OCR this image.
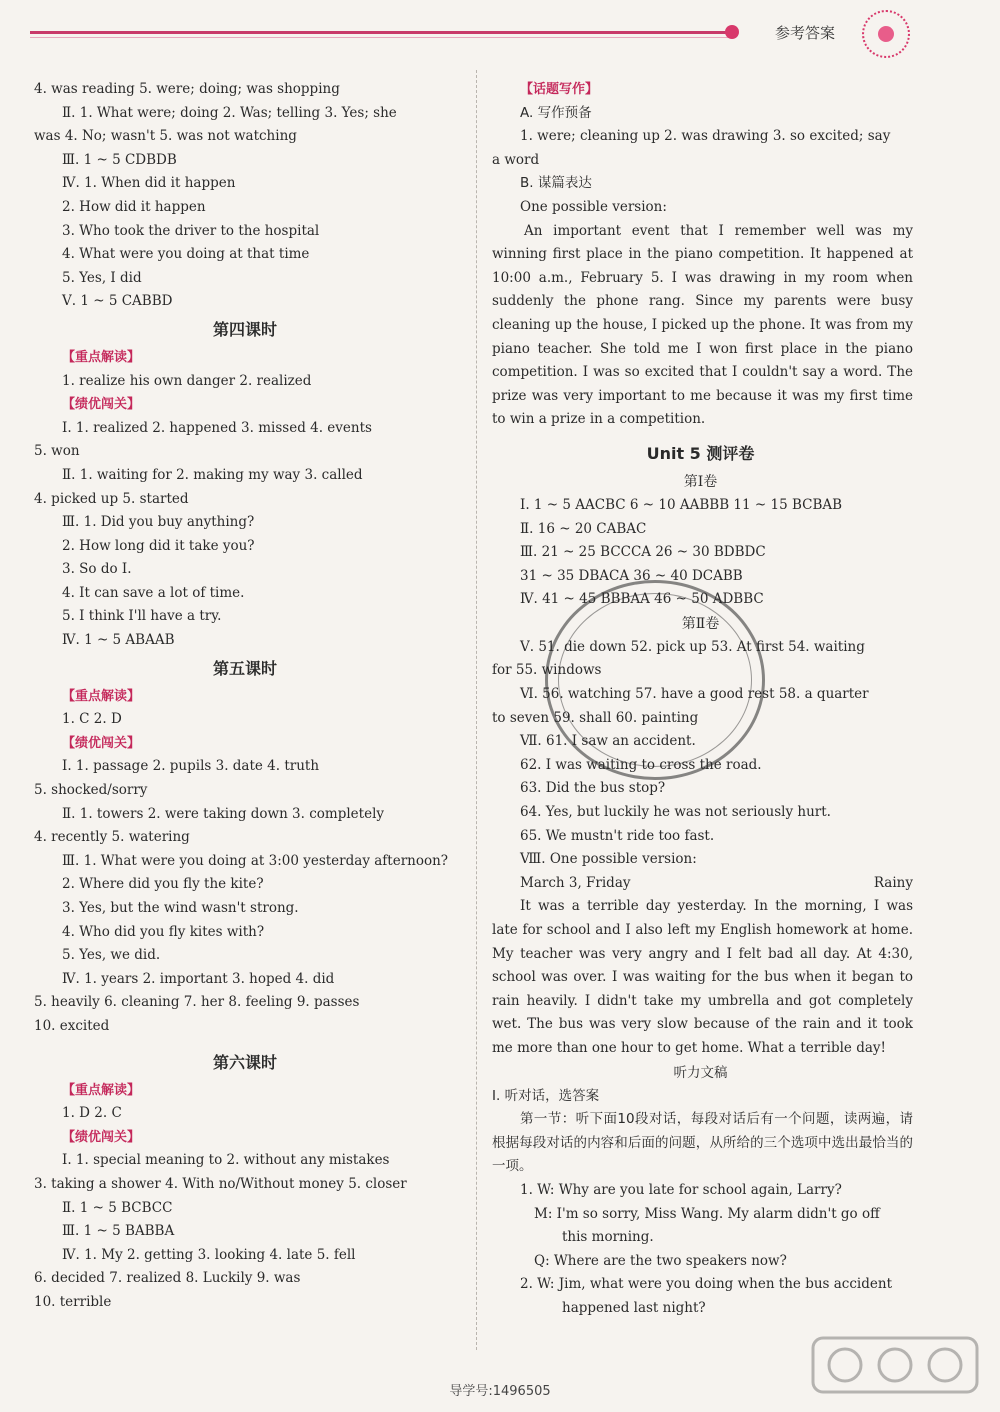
参考答案
4. was reading 5. were; doing; was shopping
Ⅱ. 1. What were; doing 2. Was; telling 3. Yes; she
was 4. No; wasn't 5. was not watching
Ⅲ. 1 ~ 5 CDBDB
Ⅳ. 1. When did it happen
2. How did it happen
3. Who took the driver to the hospital
4. What were you doing at that time
5. Yes, I did
Ⅴ. 1 ~ 5 CABBD
第四课时
【重点解读】
1. realize his own danger 2. realized
【绩优闯关】
Ⅰ. 1. realized 2. happened 3. missed 4. events
5. won
Ⅱ. 1. waiting for 2. making my way 3. called
4. picked up 5. started
Ⅲ. 1. Did you buy anything?
2. How long did it take you?
3. So do I.
4. It can save a lot of time.
5. I think I'll have a try.
Ⅳ. 1 ~ 5 ABAAB
第五课时
【重点解读】
1. C 2. D
【绩优闯关】
Ⅰ. 1. passage 2. pupils 3. date 4. truth
5. shocked/sorry
Ⅱ. 1. towers 2. were taking down 3. completely
4. recently 5. watering
Ⅲ. 1. What were you doing at 3:00 yesterday afternoon?
2. Where did you fly the kite?
3. Yes, but the wind wasn't strong.
4. Who did you fly kites with?
5. Yes, we did.
Ⅳ. 1. years 2. important 3. hoped 4. did
5. heavily 6. cleaning 7. her 8. feeling 9. passes
10. excited
第六课时
【重点解读】
1. D 2. C
【绩优闯关】
Ⅰ. 1. special meaning to 2. without any mistakes
3. taking a shower 4. With no/Without money 5. closer
Ⅱ. 1 ~ 5 BCBCC
Ⅲ. 1 ~ 5 BABBA
Ⅳ. 1. My 2. getting 3. looking 4. late 5. fell
6. decided 7. realized 8. Luckily 9. was
10. terrible
【话题写作】
A. 写作预备
1. were; cleaning up 2. was drawing 3. so excited; say
a word
B. 谋篇表达
One possible version:
An important event that I remember well was my winning first place in the piano competition. It happened at 10:00 a.m., February 5. I was drawing in my room when suddenly the phone rang. Since my parents were busy cleaning up the house, I picked up the phone. It was from my piano teacher. She told me I won first place in the piano competition. I was so excited that I couldn't say a word. The prize was very important to me because it was my first time to win a prize in a competition.
Unit 5 测评卷
第Ⅰ卷
Ⅰ. 1 ~ 5 AACBC 6 ~ 10 AABBB 11 ~ 15 BCBAB
Ⅱ. 16 ~ 20 CABAC
Ⅲ. 21 ~ 25 BCCCA 26 ~ 30 BDBDC
31 ~ 35 DBACA 36 ~ 40 DCABB
Ⅳ. 41 ~ 45 BBBAA 46 ~ 50 ADBBC
第Ⅱ卷
Ⅴ. 51. die down 52. pick up 53. At first 54. waiting
for 55. windows
Ⅵ. 56. watching 57. have a good rest 58. a quarter
to seven 59. shall 60. painting
Ⅶ. 61. I saw an accident.
62. I was waiting to cross the road.
63. Did the bus stop?
64. Yes, but luckily he was not seriously hurt.
65. We mustn't ride too fast.
Ⅷ. One possible version:
March 3, Friday	Rainy
It was a terrible day yesterday. In the morning, I was late for school and I also left my English homework at home. My teacher was very angry and I felt bad all day. At 4:30, school was over. I was waiting for the bus when it began to rain heavily. I didn't take my umbrella and got completely wet. The bus was very slow because of the rain and it took me more than one hour to get home. What a terrible day!
听力文稿
Ⅰ. 听对话，选答案
第一节：听下面10段对话，每段对话后有一个问题，读两遍，请根据每段对话的内容和后面的问题，从所给的三个选项中选出最恰当的一项。
1. W: Why are you late for school again, Larry?
M: I'm so sorry, Miss Wang. My alarm didn't go off
this morning.
Q: Where are the two speakers now?
2. W: Jim, what were you doing when the bus accident
happened last night?
导学号:1496505
